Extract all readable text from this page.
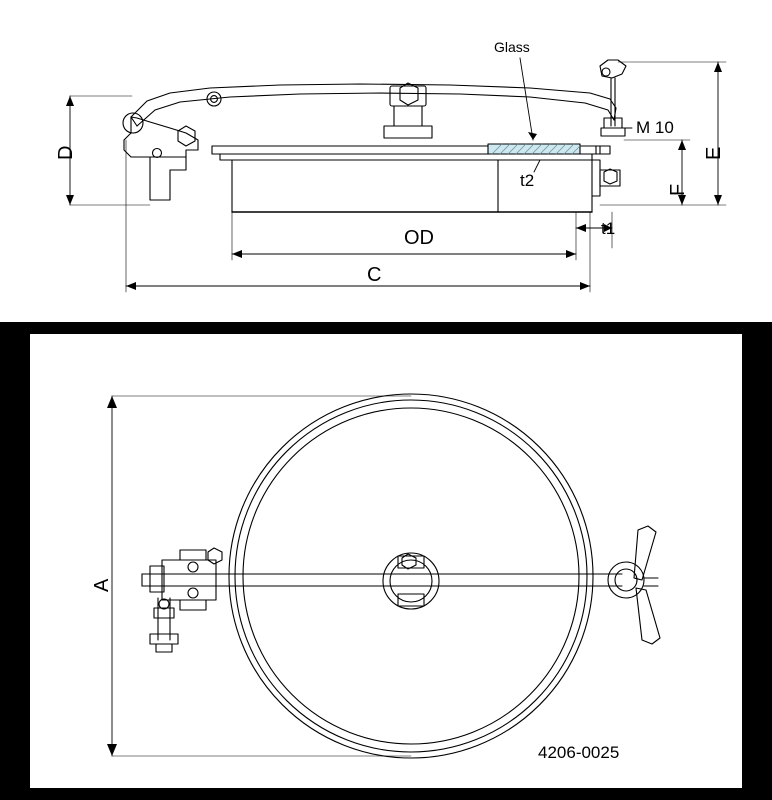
Glass
M 10
t2
t1
OD
C
D	E
F
A
4206-0025
